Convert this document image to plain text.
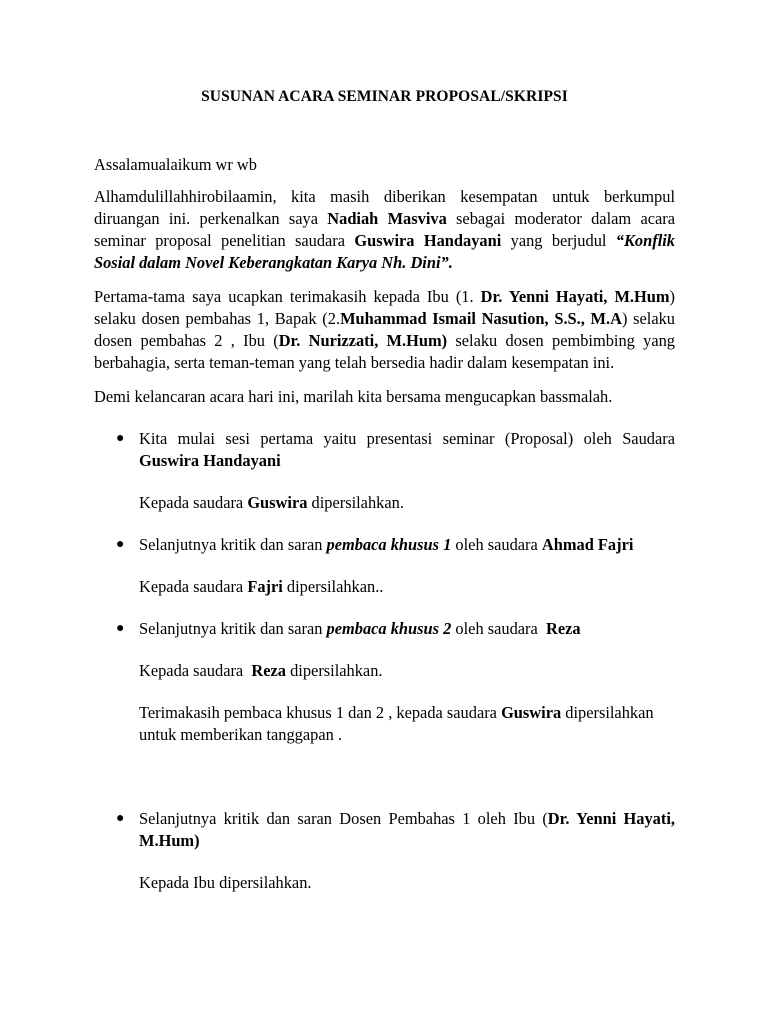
SUSUNAN ACARA SEMINAR PROPOSAL/SKRIPSI

Assalamualaikum wr wb

Alhamdulillahhirobilaamin, kita masih diberikan kesempatan untuk berkumpul diruangan ini. perkenalkan saya Nadiah Masviva sebagai moderator dalam acara seminar proposal penelitian saudara Guswira Handayani yang berjudul “Konflik Sosial dalam Novel Keberangkatan Karya Nh. Dini”.

Pertama-tama saya ucapkan terimakasih kepada Ibu (1. Dr. Yenni Hayati, M.Hum) selaku dosen pembahas 1, Bapak (2.Muhammad Ismail Nasution, S.S., M.A) selaku dosen pembahas 2 , Ibu (Dr. Nurizzati, M.Hum) selaku dosen pembimbing yang berbahagia, serta teman-teman yang telah bersedia hadir dalam kesempatan ini.

Demi kelancaran acara hari ini, marilah kita bersama mengucapkan bassmalah.

● Kita mulai sesi pertama yaitu presentasi seminar (Proposal) oleh Saudara Guswira Handayani

Kepada saudara Guswira dipersilahkan.

● Selanjutnya kritik dan saran pembaca khusus 1 oleh saudara Ahmad Fajri

Kepada saudara Fajri dipersilahkan..

● Selanjutnya kritik dan saran pembaca khusus 2 oleh saudara  Reza

Kepada saudara  Reza dipersilahkan.

Terimakasih pembaca khusus 1 dan 2 , kepada saudara Guswira dipersilahkan untuk memberikan tanggapan .

● Selanjutnya kritik dan saran Dosen Pembahas 1 oleh Ibu (Dr. Yenni Hayati, M.Hum)

Kepada Ibu dipersilahkan.
